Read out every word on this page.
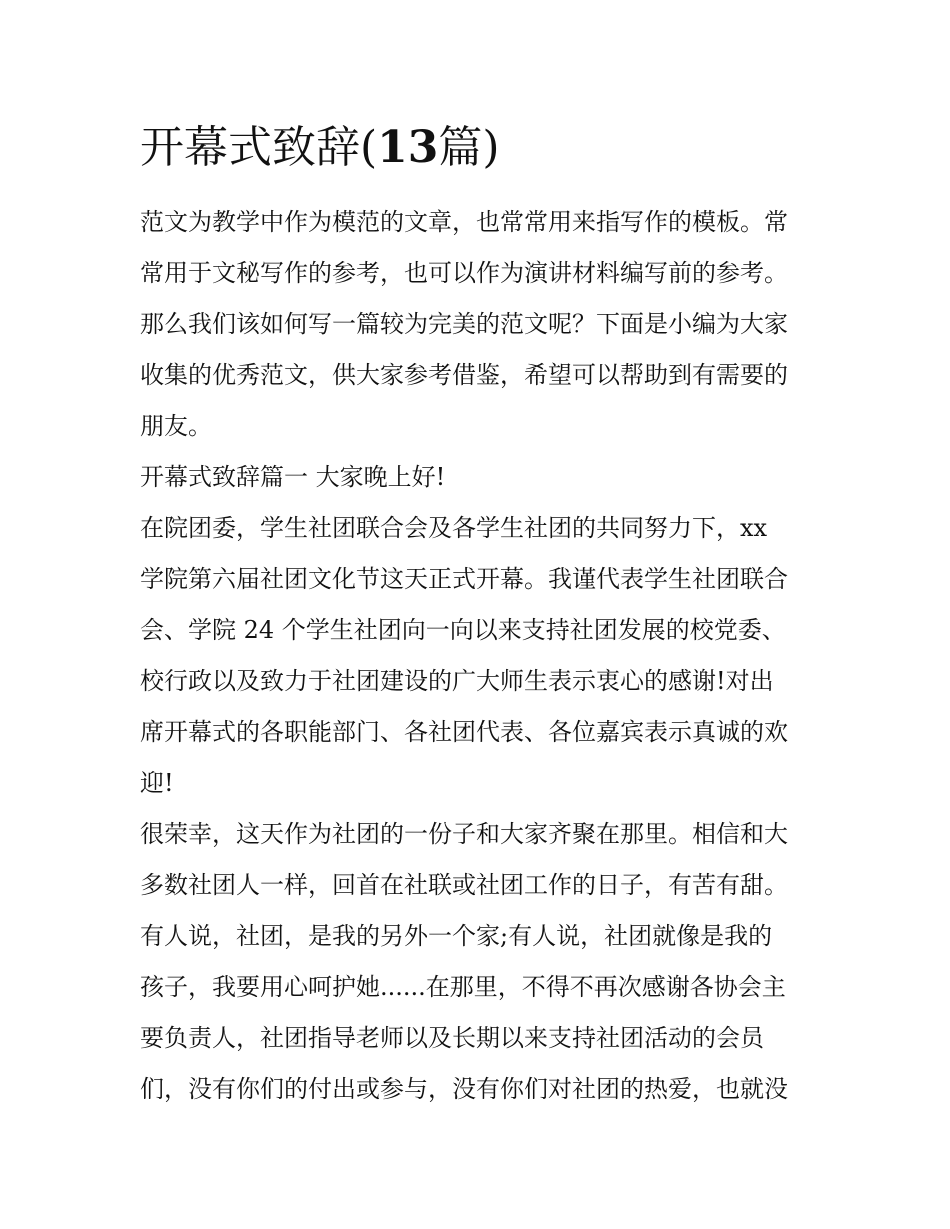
开幕式致辞(13篇)

范文为教学中作为模范的文章，也常常用来指写作的模板。常

常用于文秘写作的参考，也可以作为演讲材料编写前的参考。

那么我们该如何写一篇较为完美的范文呢？下面是小编为大家

收集的优秀范文，供大家参考借鉴，希望可以帮助到有需要的

朋友。

开幕式致辞篇一 大家晚上好!

在院团委，学生社团联合会及各学生社团的共同努力下，xx

学院第六届社团文化节这天正式开幕。我谨代表学生社团联合

会、学院 24 个学生社团向一向以来支持社团发展的校党委、

校行政以及致力于社团建设的广大师生表示衷心的感谢!对出

席开幕式的各职能部门、各社团代表、各位嘉宾表示真诚的欢

迎!

很荣幸，这天作为社团的一份子和大家齐聚在那里。相信和大

多数社团人一样，回首在社联或社团工作的日子，有苦有甜。

有人说，社团，是我的另外一个家;有人说，社团就像是我的

孩子，我要用心呵护她......在那里，不得不再次感谢各协会主

要负责人，社团指导老师以及长期以来支持社团活动的会员

们，没有你们的付出或参与，没有你们对社团的热爱，也就没
